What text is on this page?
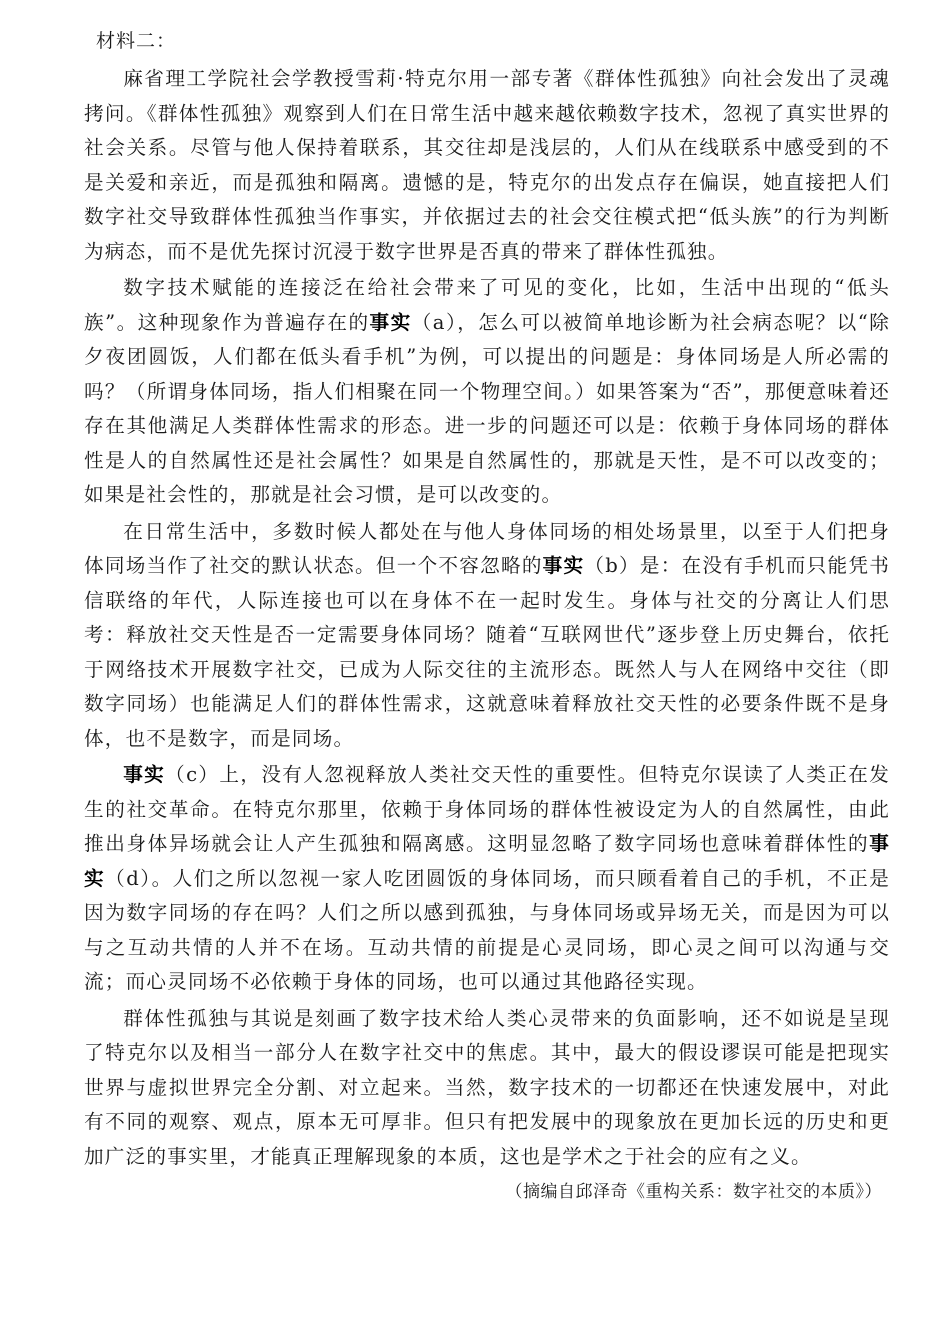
材料二：

麻省理工学院社会学教授雪莉·特克尔用一部专著《群体性孤独》向社会发出了灵魂拷问。《群体性孤独》观察到人们在日常生活中越来越依赖数字技术，忽视了真实世界的社会关系。尽管与他人保持着联系，其交往却是浅层的，人们从在线联系中感受到的不是关爱和亲近，而是孤独和隔离。遗憾的是，特克尔的出发点存在偏误，她直接把人们数字社交导致群体性孤独当作事实，并依据过去的社会交往模式把“低头族”的行为判断为病态，而不是优先探讨沉浸于数字世界是否真的带来了群体性孤独。

数字技术赋能的连接泛在给社会带来了可见的变化，比如，生活中出现的“低头族”。这种现象作为普遍存在的事实（a），怎么可以被简单地诊断为社会病态呢？以“除夕夜团圆饭，人们都在低头看手机”为例，可以提出的问题是：身体同场是人所必需的吗？（所谓身体同场，指人们相聚在同一个物理空间。）如果答案为“否”，那便意味着还存在其他满足人类群体性需求的形态。进一步的问题还可以是：依赖于身体同场的群体性是人的自然属性还是社会属性？如果是自然属性的，那就是天性，是不可以改变的；如果是社会性的，那就是社会习惯，是可以改变的。

在日常生活中，多数时候人都处在与他人身体同场的相处场景里，以至于人们把身体同场当作了社交的默认状态。但一个不容忽略的事实（b）是：在没有手机而只能凭书信联络的年代，人际连接也可以在身体不在一起时发生。身体与社交的分离让人们思考：释放社交天性是否一定需要身体同场？随着“互联网世代”逐步登上历史舞台，依托于网络技术开展数字社交，已成为人际交往的主流形态。既然人与人在网络中交往（即数字同场）也能满足人们的群体性需求，这就意味着释放社交天性的必要条件既不是身体，也不是数字，而是同场。

事实（c）上，没有人忽视释放人类社交天性的重要性。但特克尔误读了人类正在发生的社交革命。在特克尔那里，依赖于身体同场的群体性被设定为人的自然属性，由此推出身体异场就会让人产生孤独和隔离感。这明显忽略了数字同场也意味着群体性的事实（d）。人们之所以忽视一家人吃团圆饭的身体同场，而只顾看着自己的手机，不正是因为数字同场的存在吗？人们之所以感到孤独，与身体同场或异场无关，而是因为可以与之互动共情的人并不在场。互动共情的前提是心灵同场，即心灵之间可以沟通与交流；而心灵同场不必依赖于身体的同场，也可以通过其他路径实现。

群体性孤独与其说是刻画了数字技术给人类心灵带来的负面影响，还不如说是呈现了特克尔以及相当一部分人在数字社交中的焦虑。其中，最大的假设谬误可能是把现实世界与虚拟世界完全分割、对立起来。当然，数字技术的一切都还在快速发展中，对此有不同的观察、观点，原本无可厚非。但只有把发展中的现象放在更加长远的历史和更加广泛的事实里，才能真正理解现象的本质，这也是学术之于社会的应有之义。

（摘编自邱泽奇《重构关系：数字社交的本质》）
